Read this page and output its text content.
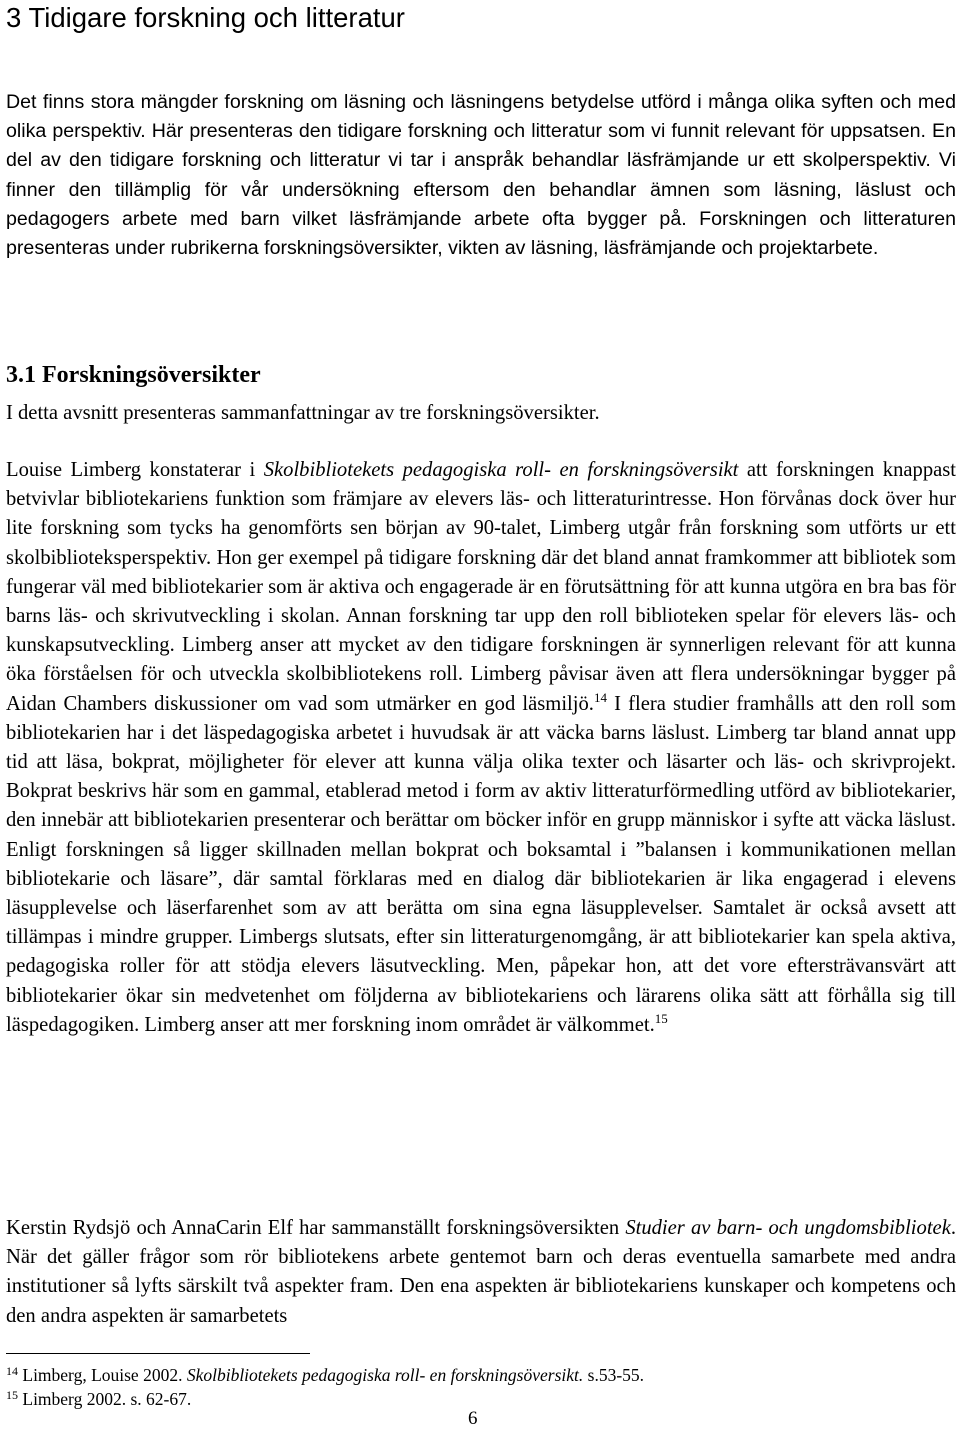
3 Tidigare forskning och litteratur

Det finns stora mängder forskning om läsning och läsningens betydelse utförd i många olika syften och med olika perspektiv. Här presenteras den tidigare forskning och litteratur som vi funnit relevant för uppsatsen. En del av den tidigare forskning och litteratur vi tar i anspråk behandlar läsfrämjande ur ett skolperspektiv. Vi finner den tillämplig för vår undersökning eftersom den behandlar ämnen som läsning, läslust och pedagogers arbete med barn vilket läsfrämjande arbete ofta bygger på. Forskningen och litteraturen presenteras under rubrikerna forskningsöversikter, vikten av läsning, läsfrämjande och projektarbete.

3.1 Forskningsöversikter

I detta avsnitt presenteras sammanfattningar av tre forskningsöversikter.

Louise Limberg konstaterar i Skolbibliotekets pedagogiska roll- en forskningsöversikt att forskningen knappast betvivlar bibliotekariens funktion som främjare av elevers läs- och litteraturintresse. Hon förvånas dock över hur lite forskning som tycks ha genomförts sen början av 90-talet, Limberg utgår från forskning som utförts ur ett skolbiblioteksperspektiv. Hon ger exempel på tidigare forskning där det bland annat framkommer att bibliotek som fungerar väl med bibliotekarier som är aktiva och engagerade är en förutsättning för att kunna utgöra en bra bas för barns läs- och skrivutveckling i skolan. Annan forskning tar upp den roll biblioteken spelar för elevers läs- och kunskapsutveckling. Limberg anser att mycket av den tidigare forskningen är synnerligen relevant för att kunna öka förståelsen för och utveckla skolbibliotekens roll. Limberg påvisar även att flera undersökningar bygger på Aidan Chambers diskussioner om vad som utmärker en god läsmiljö.$^{14}$ I flera studier framhålls att den roll som bibliotekarien har i det läspedagogiska arbetet i huvudsak är att väcka barns läslust. Limberg tar bland annat upp tid att läsa, bokprat, möjligheter för elever att kunna välja olika texter och läsarter och läs- och skrivprojekt. Bokprat beskrivs här som en gammal, etablerad metod i form av aktiv litteraturförmedling utförd av bibliotekarier, den innebär att bibliotekarien presenterar och berättar om böcker inför en grupp människor i syfte att väcka läslust. Enligt forskningen så ligger skillnaden mellan bokprat och boksamtal i ”balansen i kommunikationen mellan bibliotekarie och läsare”, där samtal förklaras med en dialog där bibliotekarien är lika engagerad i elevens läsupplevelse och läserfarenhet som av att berätta om sina egna läsupplevelser. Samtalet är också avsett att tillämpas i mindre grupper. Limbergs slutsats, efter sin litteraturgenomgång, är att bibliotekarier kan spela aktiva, pedagogiska roller för att stödja elevers läsutveckling. Men, påpekar hon, att det vore eftersträvansvärt att bibliotekarier ökar sin medvetenhet om följderna av bibliotekariens och lärarens olika sätt att förhålla sig till läspedagogiken. Limberg anser att mer forskning inom området är välkommet.$^{15}$

Kerstin Rydsjö och AnnaCarin Elf har sammanställt forskningsöversikten Studier av barn- och ungdomsbibliotek. När det gäller frågor som rör bibliotekens arbete gentemot barn och deras eventuella samarbete med andra institutioner så lyfts särskilt två aspekter fram. Den ena aspekten är bibliotekariens kunskaper och kompetens och den andra aspekten är samarbetets

$^{14}$ Limberg, Louise 2002. Skolbibliotekets pedagogiska roll- en forskningsöversikt. s.53-55.
$^{15}$ Limberg 2002. s. 62-67.
6
